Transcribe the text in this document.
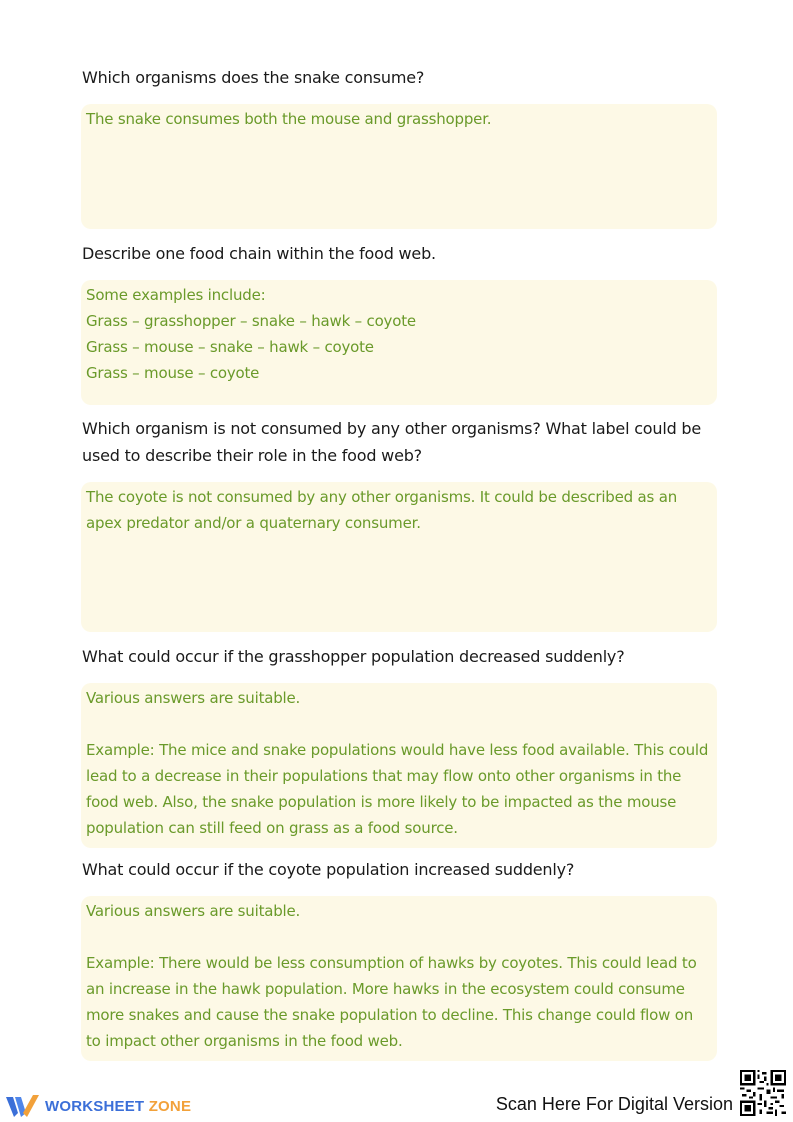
Which organisms does the snake consume?

The snake consumes both the mouse and grasshopper.

Describe one food chain within the food web.

Some examples include:

Grass – grasshopper – snake – hawk – coyote

Grass – mouse – snake – hawk – coyote

Grass – mouse – coyote

Which organism is not consumed by any other organisms? What label could be used to describe their role in the food web?

The coyote is not consumed by any other organisms. It could be described as an apex predator and/or a quaternary consumer.

What could occur if the grasshopper population decreased suddenly?

Various answers are suitable.

Example: The mice and snake populations would have less food available. This could lead to a decrease in their populations that may flow onto other organisms in the food web. Also, the snake population is more likely to be impacted as the mouse population can still feed on grass as a food source.

What could occur if the coyote population increased suddenly?

Various answers are suitable.

Example: There would be less consumption of hawks by coyotes. This could lead to an increase in the hawk population. More hawks in the ecosystem could consume more snakes and cause the snake population to decline. This change could flow on to impact other organisms in the food web.

WORKSHEET ZONE	Scan Here For Digital Version
